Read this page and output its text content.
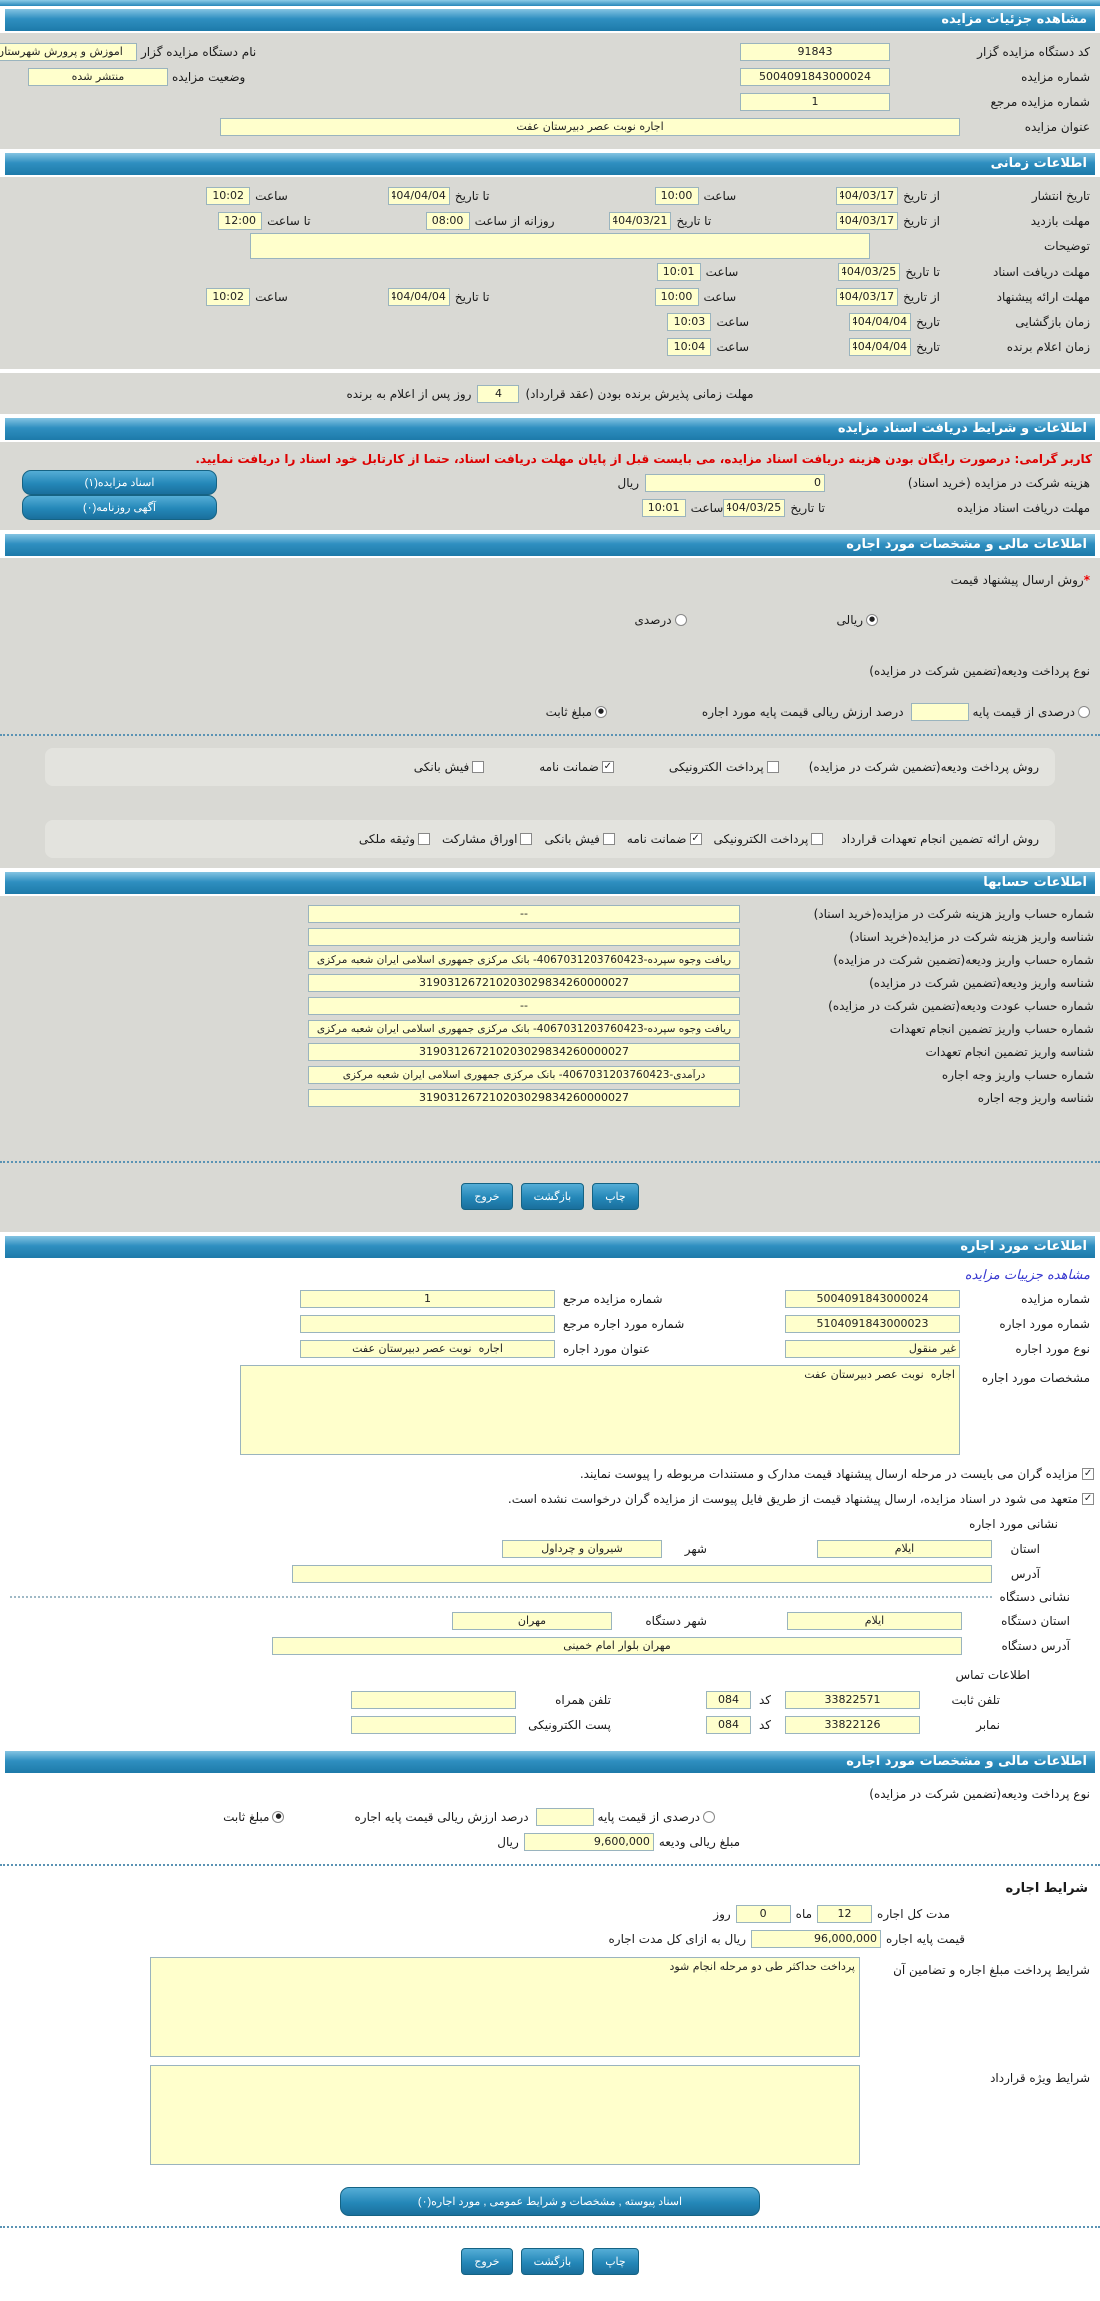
مشاهده جزئیات مزایده
کد دستگاه مزایده گزار
91843
نام دستگاه مزایده گزار
اموزش و پرورش شهرستان
شماره مزایده
5004091843000024
وضعیت مزایده
منتشر شده
شماره مزایده مرجع
1
عنوان مزایده
اجاره نوبت عصر دبیرستان عفت
اطلاعات زمانی
تاریخ انتشار
از تاریخ
1404/03/17
ساعت
10:00
تا تاریخ
1404/04/04
ساعت
10:02
مهلت بازدید
از تاریخ
1404/03/17
تا تاریخ
1404/03/21
روزانه از ساعت
08:00
تا ساعت
12:00
توضیحات
مهلت دریافت اسناد
تا تاریخ
1404/03/25
ساعت
10:01
مهلت ارائه پیشنهاد
از تاریخ
1404/03/17
ساعت
10:00
تا تاریخ
1404/04/04
ساعت
10:02
زمان بازگشایی
تاریخ
1404/04/04
ساعت
10:03
زمان اعلام برنده
تاریخ
1404/04/04
ساعت
10:04
مهلت زمانی پذیرش برنده بودن (عقد قرارداد)
4
روز پس از اعلام به برنده
اطلاعات و شرایط دریافت اسناد مزایده
کاربر گرامی: درصورت رایگان بودن هزینه دریافت اسناد مزایده، می بایست قبل از پایان مهلت دریافت اسناد، حتما از کارتابل خود اسناد را دریافت نمایید.
هزینه شرکت در مزایده (خرید اسناد)
0
ریال
اسناد مزایده(۱)
مهلت دریافت اسناد مزایده
تا تاریخ
1404/03/25
ساعت
10:01
آگهی روزنامه(۰)
اطلاعات مالی و مشخصات مورد اجاره
*
روش ارسال پیشنهاد قیمت
●
ریالی
درصدی
نوع پرداخت ودیعه(تضمین شرکت در مزایده)
درصدی از قیمت پایه
درصد ارزش ریالی قیمت پایه مورد اجاره
●
مبلغ ثابت
روش پرداخت ودیعه(تضمین شرکت در مزایده)
پرداخت الکترونیکی
✓
ضمانت نامه
فیش بانکی
روش ارائه تضمین انجام تعهدات قرارداد
پرداخت الکترونیکی
✓
ضمانت نامه
فیش بانکی
اوراق مشارکت
وثیقه ملکی
اطلاعات حسابها
شماره حساب واریز هزینه شرکت در مزایده(خرید اسناد)
--
شناسه واریز هزینه شرکت در مزایده(خرید اسناد)
شماره حساب واریز ودیعه(تضمین شرکت در مزایده)
ریافت وجوه سپرده-4067031203760423- بانک مرکزی جمهوری اسلامی ایران شعبه مرکزی
شناسه واریز ودیعه(تضمین شرکت در مزایده)
319031267210203029834260000027
شماره حساب عودت ودیعه(تضمین شرکت در مزایده)
--
شماره حساب واریز تضمین انجام تعهدات
ریافت وجوه سپرده-4067031203760423- بانک مرکزی جمهوری اسلامی ایران شعبه مرکزی
شناسه واریز تضمین انجام تعهدات
319031267210203029834260000027
شماره حساب واریز وجه اجاره
درآمدی-4067031203760423- بانک مرکزی جمهوری اسلامی ایران شعبه مرکزی
شناسه واریز وجه اجاره
319031267210203029834260000027
چاپ
بازگشت
خروج
اطلاعات مورد اجاره
مشاهده جزییات مزایده
شماره مزایده
5004091843000024
شماره مزایده مرجع
1
شماره مورد اجاره
5104091843000023
شماره مورد اجاره مرجع
نوع مورد اجاره
غیر منقول
عنوان مورد اجاره
اجاره نوبت عصر دبیرستان عفت
مشخصات مورد اجاره
اجاره نوبت عصر دبیرستان عفت
✓
مزایده گران می بایست در مرحله ارسال پیشنهاد قیمت مدارک و مستندات مربوطه را پیوست نمایند.
✓
متعهد می شود در اسناد مزایده، ارسال پیشنهاد قیمت از طریق فایل پیوست از مزایده گران درخواست نشده است.
نشانی مورد اجاره
استان
ایلام
شهر
شیروان و چرداول
آدرس
نشانی دستگاه
استان دستگاه
ایلام
شهر دستگاه
مهران
آدرس دستگاه
مهران بلوار امام خمینی
اطلاعات تماس
تلفن ثابت
33822571
کد
084
تلفن همراه
نمابر
33822126
کد
084
پست الکترونیکی
اطلاعات مالی و مشخصات مورد اجاره
نوع پرداخت ودیعه(تضمین شرکت در مزایده)
درصدی از قیمت پایه
درصد ارزش ریالی قیمت پایه اجاره
●
مبلغ ثابت
مبلغ ریالی ودیعه
9,600,000
ریال
شرایط اجاره
مدت کل اجاره
12
ماه
0
روز
قیمت پایه اجاره
96,000,000
ریال به ازای کل مدت اجاره
شرایط پرداخت مبلغ اجاره و تضامین آن
پرداخت حداکثر طی دو مرحله انجام شود
شرایط ویژه قرارداد
اسناد پیوسته , مشخصات و شرایط عمومی , مورد اجاره(۰)
چاپ
بازگشت
خروج
